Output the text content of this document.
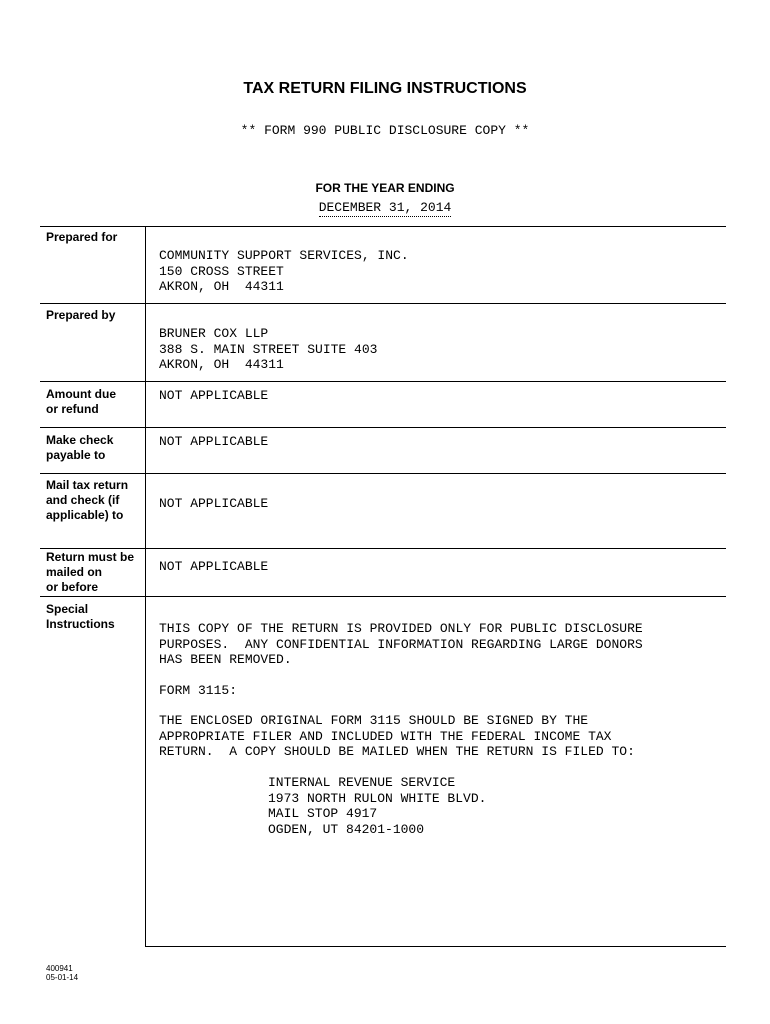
TAX RETURN FILING INSTRUCTIONS
** FORM 990 PUBLIC DISCLOSURE COPY **
FOR THE YEAR ENDING
DECEMBER 31, 2014
Prepared for
COMMUNITY SUPPORT SERVICES, INC.
150 CROSS STREET
AKRON, OH  44311
Prepared by
BRUNER COX LLP
388 S. MAIN STREET SUITE 403
AKRON, OH  44311
Amount due
or refund
NOT APPLICABLE
Make check
payable to
NOT APPLICABLE
Mail tax return
and check (if
applicable) to
NOT APPLICABLE
Return must be
mailed on
or before
NOT APPLICABLE
Special
Instructions	THIS COPY OF THE RETURN IS PROVIDED ONLY FOR PUBLIC DISCLOSURE
PURPOSES.  ANY CONFIDENTIAL INFORMATION REGARDING LARGE DONORS
HAS BEEN REMOVED.
FORM 3115:
THE ENCLOSED ORIGINAL FORM 3115 SHOULD BE SIGNED BY THE
APPROPRIATE FILER AND INCLUDED WITH THE FEDERAL INCOME TAX
RETURN.  A COPY SHOULD BE MAILED WHEN THE RETURN IS FILED TO:
INTERNAL REVENUE SERVICE
1973 NORTH RULON WHITE BLVD.
MAIL STOP 4917
OGDEN, UT 84201-1000
400941
05-01-14
